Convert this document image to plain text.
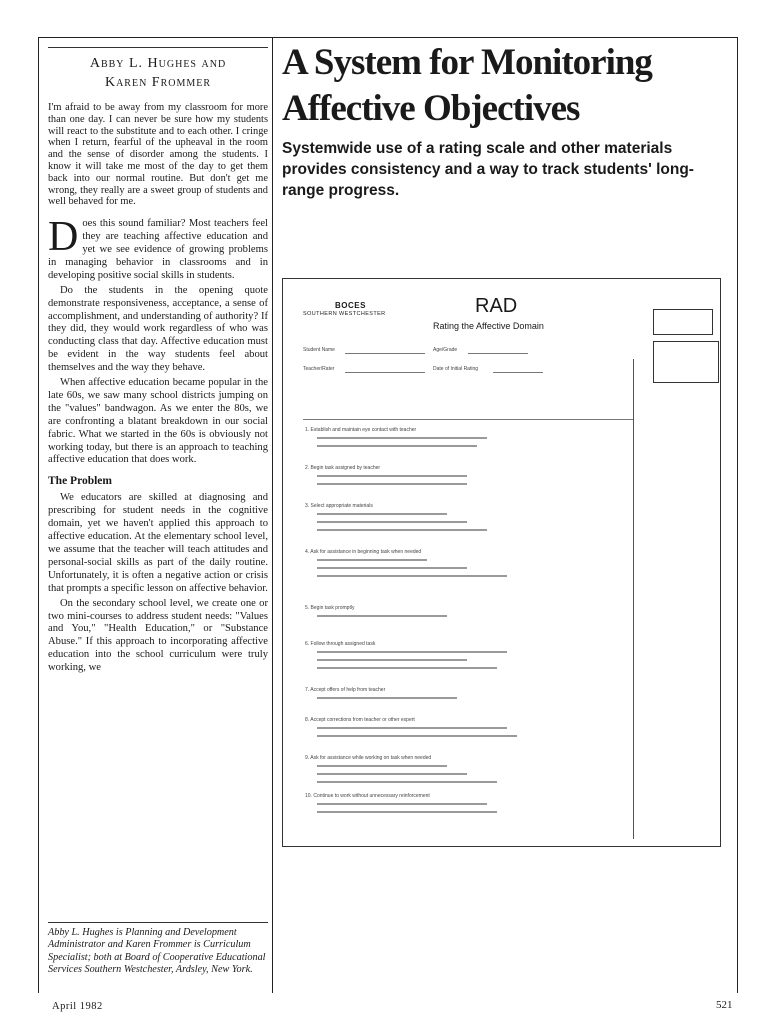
Abby L. Hughes and
Karen Frommer

I'm afraid to be away from my classroom for more than one day. I can never be sure how my students will react to the substitute and to each other. I cringe when I return, fearful of the upheaval in the room and the sense of disorder among the students. I know it will take me most of the day to get them back into our normal routine. But don't get me wrong, they really are a sweet group of students and well behaved for me.

Does this sound familiar? Most teachers feel they are teaching affective education and yet we see evidence of growing problems in managing behavior in classrooms and in developing positive social skills in students.

Do the students in the opening quote demonstrate responsiveness, acceptance, a sense of accomplishment, and understanding of authority? If they did, they would work regardless of who was conducting class that day. Affective education must be evident in the way students feel about themselves and the way they behave.

When affective education became popular in the late 60s, we saw many school districts jumping on the "values" bandwagon. As we enter the 80s, we are confronting a blatant breakdown in our social fabric. What we started in the 60s is obviously not working today, but there is an approach to teaching affective education that does work.

The Problem

We educators are skilled at diagnosing and prescribing for student needs in the cognitive domain, yet we haven't applied this approach to affective education. At the elementary school level, we assume that the teacher will teach attitudes and personal-social skills as part of the daily routine. Unfortunately, it is often a negative action or crisis that prompts a specific lesson on affective behavior.

On the secondary school level, we create one or two mini-courses to address student needs: "Values and You," "Health Education," or "Substance Abuse." If this approach to incorporating affective education into the school curriculum were truly working, we

Abby L. Hughes is Planning and Development Administrator and Karen Frommer is Curriculum Specialist; both at Board of Cooperative Educational Services Southern Westchester, Ardsley, New York.
April 1982	521
A System for Monitoring Affective Objectives
Systemwide use of a rating scale and other materials provides consistency and a way to track students' long-range progress.
BOCES
SOUTHERN WESTCHESTER	RAD
Rating the Affective Domain
Student Name	Age/Grade
Teacher/Rater	Date of Initial Rating
1. Establish and maintain eye contact with teacher
2. Begin task assigned by teacher
3. Select appropriate materials
4. Ask for assistance in beginning task when needed
5. Begin task promptly
6. Follow through assigned task
7. Accept offers of help from teacher
8. Accept corrections from teacher or other expert
9. Ask for assistance while working on task when needed
10. Continue to work without unnecessary reinforcement
